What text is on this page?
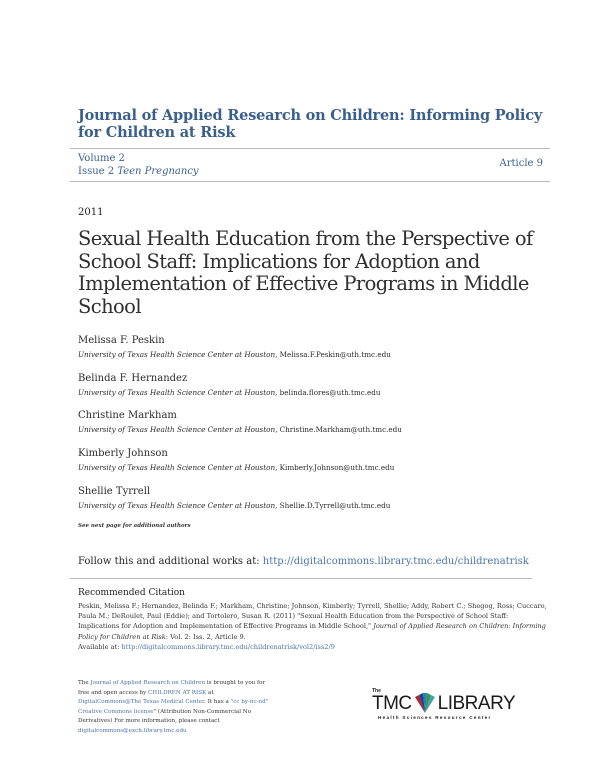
Journal of Applied Research on Children: Informing Policy for Children at Risk
Volume 2
Issue 2 Teen Pregnancy
Article 9
2011
Sexual Health Education from the Perspective of School Staff: Implications for Adoption and Implementation of Effective Programs in Middle School
Melissa F. Peskin
University of Texas Health Science Center at Houston, Melissa.F.Peskin@uth.tmc.edu
Belinda F. Hernandez
University of Texas Health Science Center at Houston, belinda.flores@uth.tmc.edu
Christine Markham
University of Texas Health Science Center at Houston, Christine.Markham@uth.tmc.edu
Kimberly Johnson
University of Texas Health Science Center at Houston, Kimberly.Johnson@uth.tmc.edu
Shellie Tyrrell
University of Texas Health Science Center at Houston, Shellie.D.Tyrrell@uth.tmc.edu
See next page for additional authors
Follow this and additional works at: http://digitalcommons.library.tmc.edu/childrenatrisk
Recommended Citation
Peskin, Melissa F.; Hernandez, Belinda F.; Markham, Christine; Johnson, Kimberly; Tyrrell, Shellie; Addy, Robert C.; Shegog, Ross; Cuccaro, Paula M.; DeRoulet, Paul (Eddie); and Tortolero, Susan R. (2011) "Sexual Health Education from the Perspective of School Staff: Implications for Adoption and Implementation of Effective Programs in Middle School," Journal of Applied Research on Children: Informing Policy for Children at Risk: Vol. 2: Iss. 2, Article 9.
Available at: http://digitalcommons.library.tmc.edu/childrenatrisk/vol2/iss2/9
The Journal of Applied Research on Children is brought to you for free and open access by CHILDREN AT RISK at DigitalCommons@The Texas Medical Center. It has a "cc by-nc-nd" Creative Commons license" (Attribution Non-Commercial No Derivatives) For more information, please contact digitalcommons@exch.library.tmc.edu
The
TMC LIBRARY
Health Sciences Resource Center
